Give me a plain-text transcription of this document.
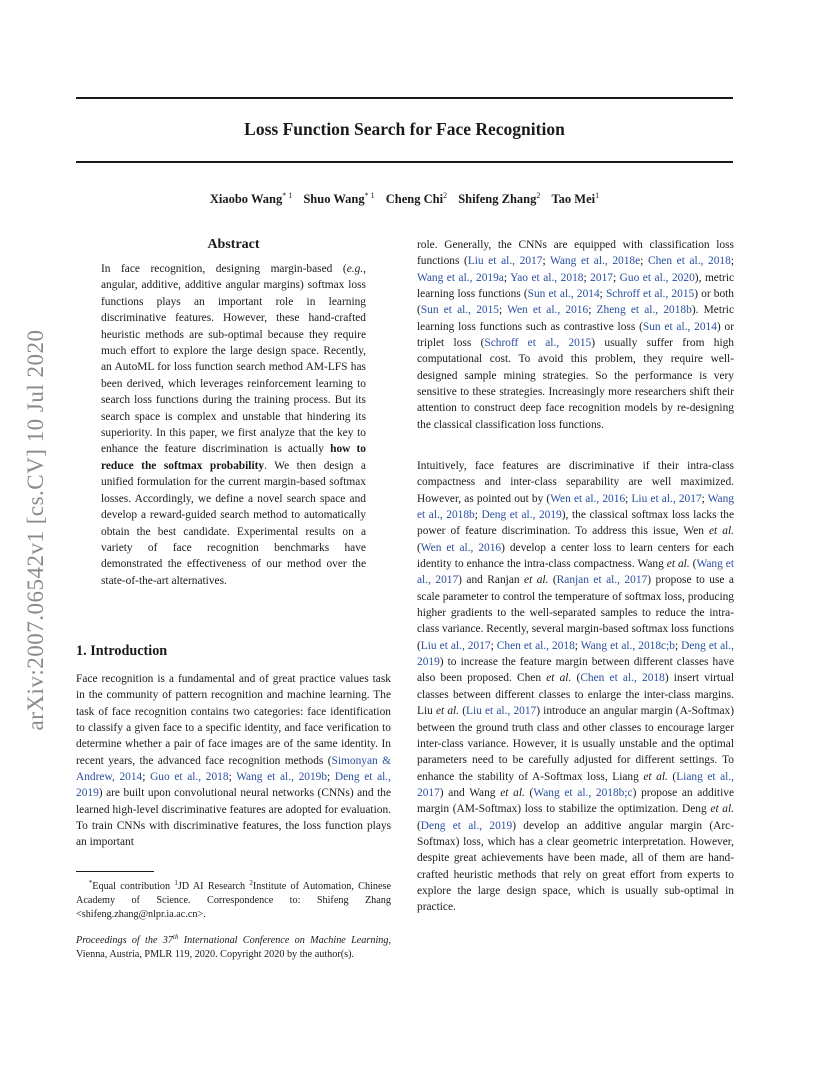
Loss Function Search for Face Recognition
Xiaobo Wang$^{* 1}$ Shuo Wang$^{* 1}$ Cheng Chi$^2$ Shifeng Zhang$^2$ Tao Mei$^1$
arXiv:2007.06542v1 [cs.CV] 10 Jul 2020
Abstract
In face recognition, designing margin-based (e.g., angular, additive, additive angular margins) softmax loss functions plays an important role in learning discriminative features. However, these hand-crafted heuristic methods are sub-optimal because they require much effort to explore the large design space. Recently, an AutoML for loss function search method AM-LFS has been derived, which leverages reinforcement learning to search loss functions during the training process. But its search space is complex and unstable that hindering its superiority. In this paper, we first analyze that the key to enhance the feature discrimination is actually how to reduce the softmax probability. We then design a unified formulation for the current margin-based softmax losses. Accordingly, we define a novel search space and develop a reward-guided search method to automatically obtain the best candidate. Experimental results on a variety of face recognition benchmarks have demonstrated the effectiveness of our method over the state-of-the-art alternatives.
1. Introduction
Face recognition is a fundamental and of great practice values task in the community of pattern recognition and machine learning. The task of face recognition contains two categories: face identification to classify a given face to a specific identity, and face verification to determine whether a pair of face images are of the same identity. In recent years, the advanced face recognition methods (Simonyan & Andrew, 2014; Guo et al., 2018; Wang et al., 2019b; Deng et al., 2019) are built upon convolutional neural networks (CNNs) and the learned high-level discriminative features are adopted for evaluation. To train CNNs with discriminative features, the loss function plays an important
*Equal contribution $^1$JD AI Research $^2$Institute of Automation, Chinese Academy of Science. Correspondence to: Shifeng Zhang <shifeng.zhang@nlpr.ia.ac.cn>.
Proceedings of the 37th International Conference on Machine Learning, Vienna, Austria, PMLR 119, 2020. Copyright 2020 by the author(s).
role. Generally, the CNNs are equipped with classification loss functions (Liu et al., 2017; Wang et al., 2018e; Chen et al., 2018; Wang et al., 2019a; Yao et al., 2018; 2017; Guo et al., 2020), metric learning loss functions (Sun et al., 2014; Schroff et al., 2015) or both (Sun et al., 2015; Wen et al., 2016; Zheng et al., 2018b). Metric learning loss functions such as contrastive loss (Sun et al., 2014) or triplet loss (Schroff et al., 2015) usually suffer from high computational cost. To avoid this problem, they require well-designed sample mining strategies. So the performance is very sensitive to these strategies. Increasingly more researchers shift their attention to construct deep face recognition models by re-designing the classical classification loss functions.
Intuitively, face features are discriminative if their intra-class compactness and inter-class separability are well maximized. However, as pointed out by (Wen et al., 2016; Liu et al., 2017; Wang et al., 2018b; Deng et al., 2019), the classical softmax loss lacks the power of feature discrimination. To address this issue, Wen et al. (Wen et al., 2016) develop a center loss to learn centers for each identity to enhance the intra-class compactness. Wang et al. (Wang et al., 2017) and Ranjan et al. (Ranjan et al., 2017) propose to use a scale parameter to control the temperature of softmax loss, producing higher gradients to the well-separated samples to reduce the intra-class variance. Recently, several margin-based softmax loss functions (Liu et al., 2017; Chen et al., 2018; Wang et al., 2018c;b; Deng et al., 2019) to increase the feature margin between different classes have also been proposed. Chen et al. (Chen et al., 2018) insert virtual classes between different classes to enlarge the inter-class margins. Liu et al. (Liu et al., 2017) introduce an angular margin (A-Softmax) between the ground truth class and other classes to encourage larger inter-class variance. However, it is usually unstable and the optimal parameters need to be carefully adjusted for different settings. To enhance the stability of A-Softmax loss, Liang et al. (Liang et al., 2017) and Wang et al. (Wang et al., 2018b;c) propose an additive margin (AM-Softmax) loss to stabilize the optimization. Deng et al. (Deng et al., 2019) develop an additive angular margin (Arc-Softmax) loss, which has a clear geometric interpretation. However, despite great achievements have been made, all of them are hand-crafted heuristic methods that rely on great effort from experts to explore the large design space, which is usually sub-optimal in practice.
